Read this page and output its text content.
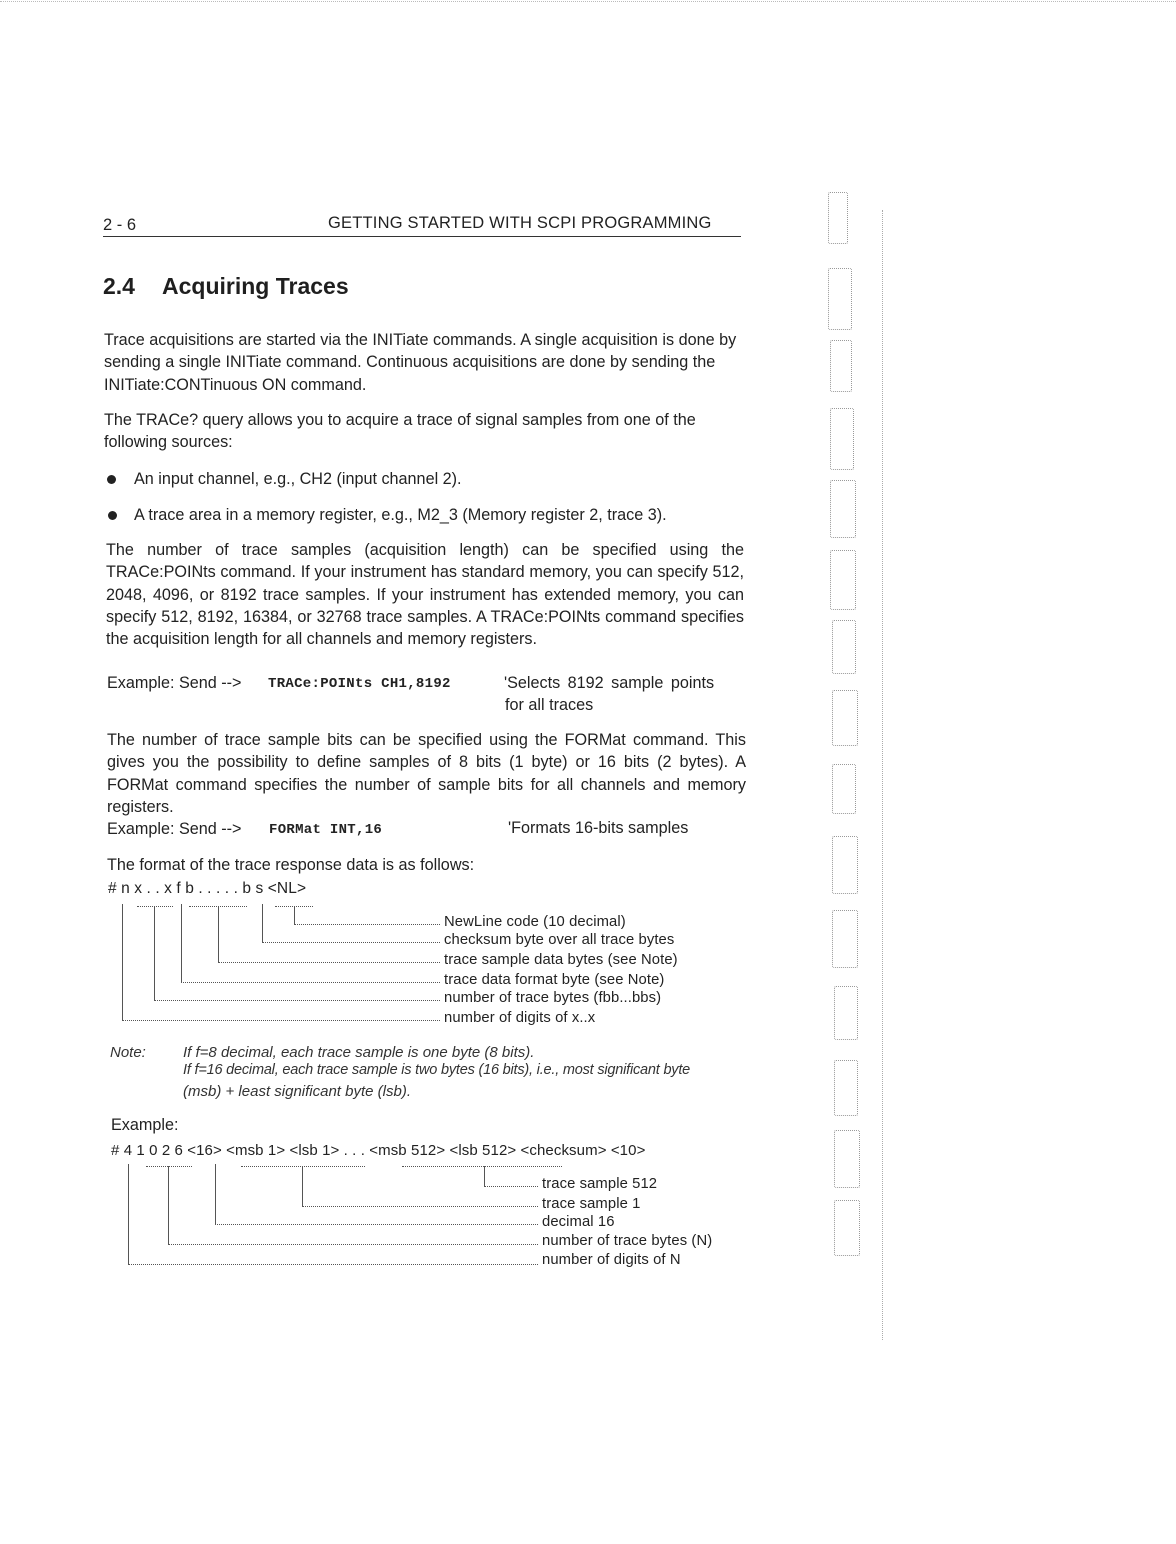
2 - 6	GETTING STARTED WITH SCPI PROGRAMMING
2.4 Acquiring Traces
Trace acquisitions are started via the INITiate commands. A single acquisition is done by sending a single INITiate command. Continuous acquisitions are done by sending the INITiate:CONTinuous ON command.
The TRACe? query allows you to acquire a trace of signal samples from one of the following sources:
An input channel, e.g., CH2 (input channel 2).
A trace area in a memory register, e.g., M2_3 (Memory register 2, trace 3).
The number of trace samples (acquisition length) can be specified using the TRACe:POINts command. If your instrument has standard memory, you can specify 512, 2048, 4096, or 8192 trace samples. If your instrument has extended memory, you can specify 512, 8192, 16384, or 32768 trace samples. A TRACe:POINts command specifies the acquisition length for all channels and memory registers.
Example: Send --> TRACe:POINts CH1,8192	'Selects 8192 sample points
for all traces
The number of trace sample bits can be specified using the FORMat command. This gives you the possibility to define samples of 8 bits (1 byte) or 16 bits (2 bytes). A FORMat command specifies the number of sample bits for all channels and memory registers.
Example: Send --> FORMat INT,16	'Formats 16-bits samples
The format of the trace response data is as follows:
# n x . . x f b . . . . . b s <NL>
NewLine code (10 decimal)
checksum byte over all trace bytes
trace sample data bytes (see Note)
trace data format byte (see Note)
number of trace bytes (fbb...bbs)
number of digits of x..x
Note: If f=8 decimal, each trace sample is one byte (8 bits).
If f=16 decimal, each trace sample is two bytes (16 bits), i.e., most significant byte
(msb) + least significant byte (lsb).
Example:
# 4 1 0 2 6 <16> <msb 1> <lsb 1> . . . <msb 512> <lsb 512> <checksum> <10>
trace sample 512
trace sample 1
decimal 16
number of trace bytes (N)
number of digits of N
